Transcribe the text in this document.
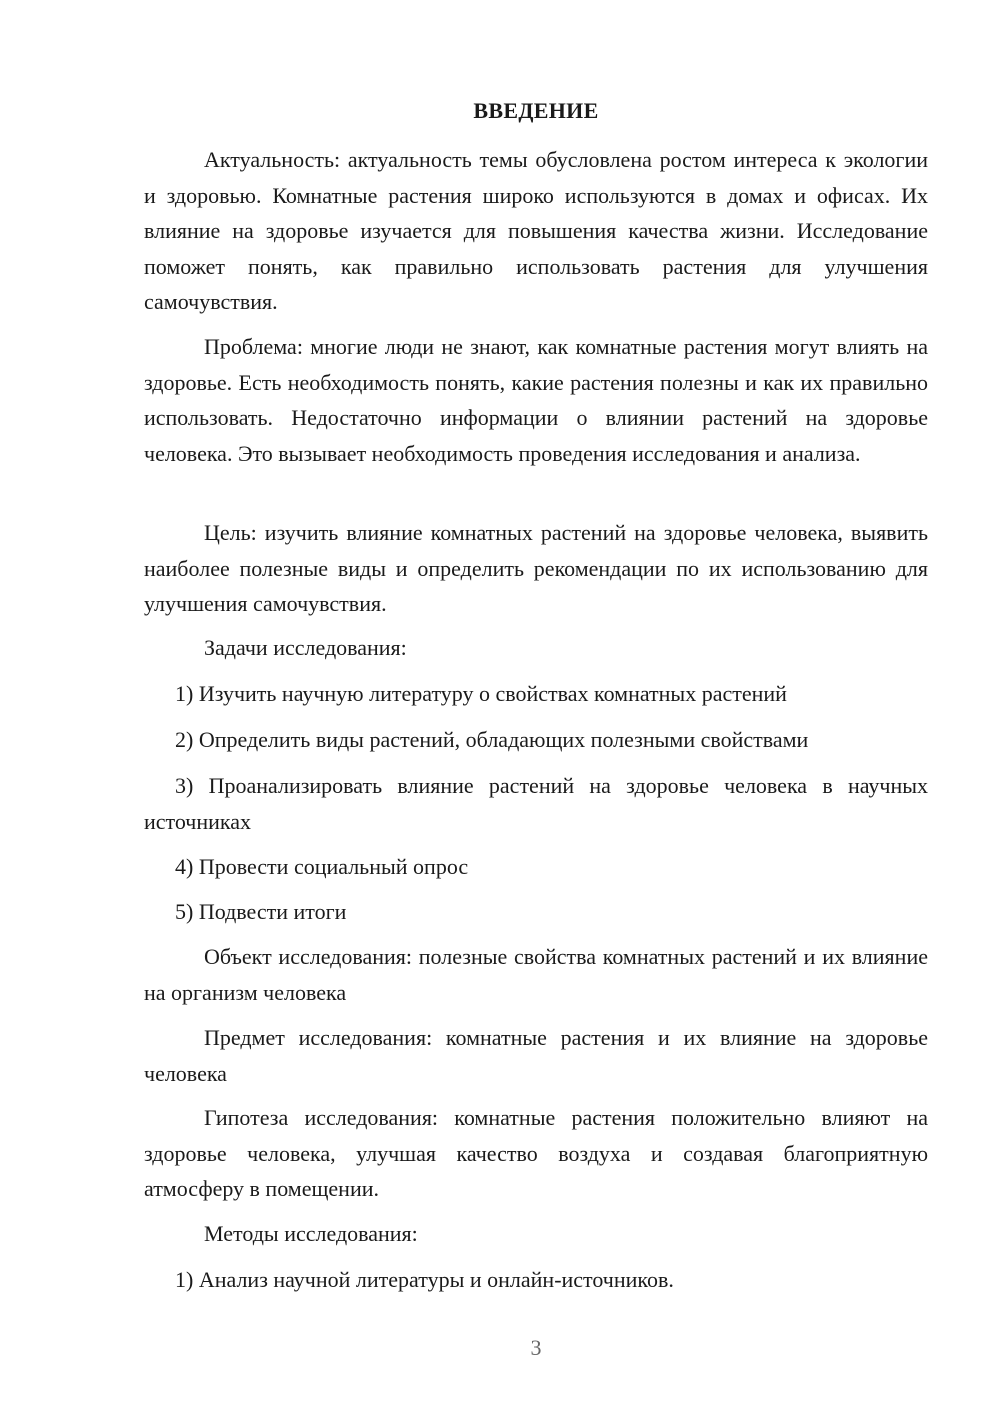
ВВЕДЕНИЕ

Актуальность: актуальность темы обусловлена ростом интереса к экологии и здоровью. Комнатные растения широко используются в домах и офисах. Их влияние на здоровье изучается для повышения качества жизни. Исследование поможет понять, как правильно использовать растения для улучшения самочувствия.

Проблема: многие люди не знают, как комнатные растения могут влиять на здоровье. Есть необходимость понять, какие растения полезны и как их правильно использовать. Недостаточно информации о влиянии растений на здоровье человека. Это вызывает необходимость проведения исследования и анализа.

Цель: изучить влияние комнатных растений на здоровье человека, выявить наиболее полезные виды и определить рекомендации по их использованию для улучшения самочувствия.

Задачи исследования:

1) Изучить научную литературу о свойствах комнатных растений

2) Определить виды растений, обладающих полезными свойствами

3) Проанализировать влияние растений на здоровье человека в научных источниках

4) Провести социальный опрос

5) Подвести итоги

Объект исследования: полезные свойства комнатных растений и их влияние на организм человека

Предмет исследования: комнатные растения и их влияние на здоровье человека

Гипотеза исследования: комнатные растения положительно влияют на здоровье человека, улучшая качество воздуха и создавая благоприятную атмосферу в помещении.

Методы исследования:

1) Анализ научной литературы и онлайн-источников.

3
